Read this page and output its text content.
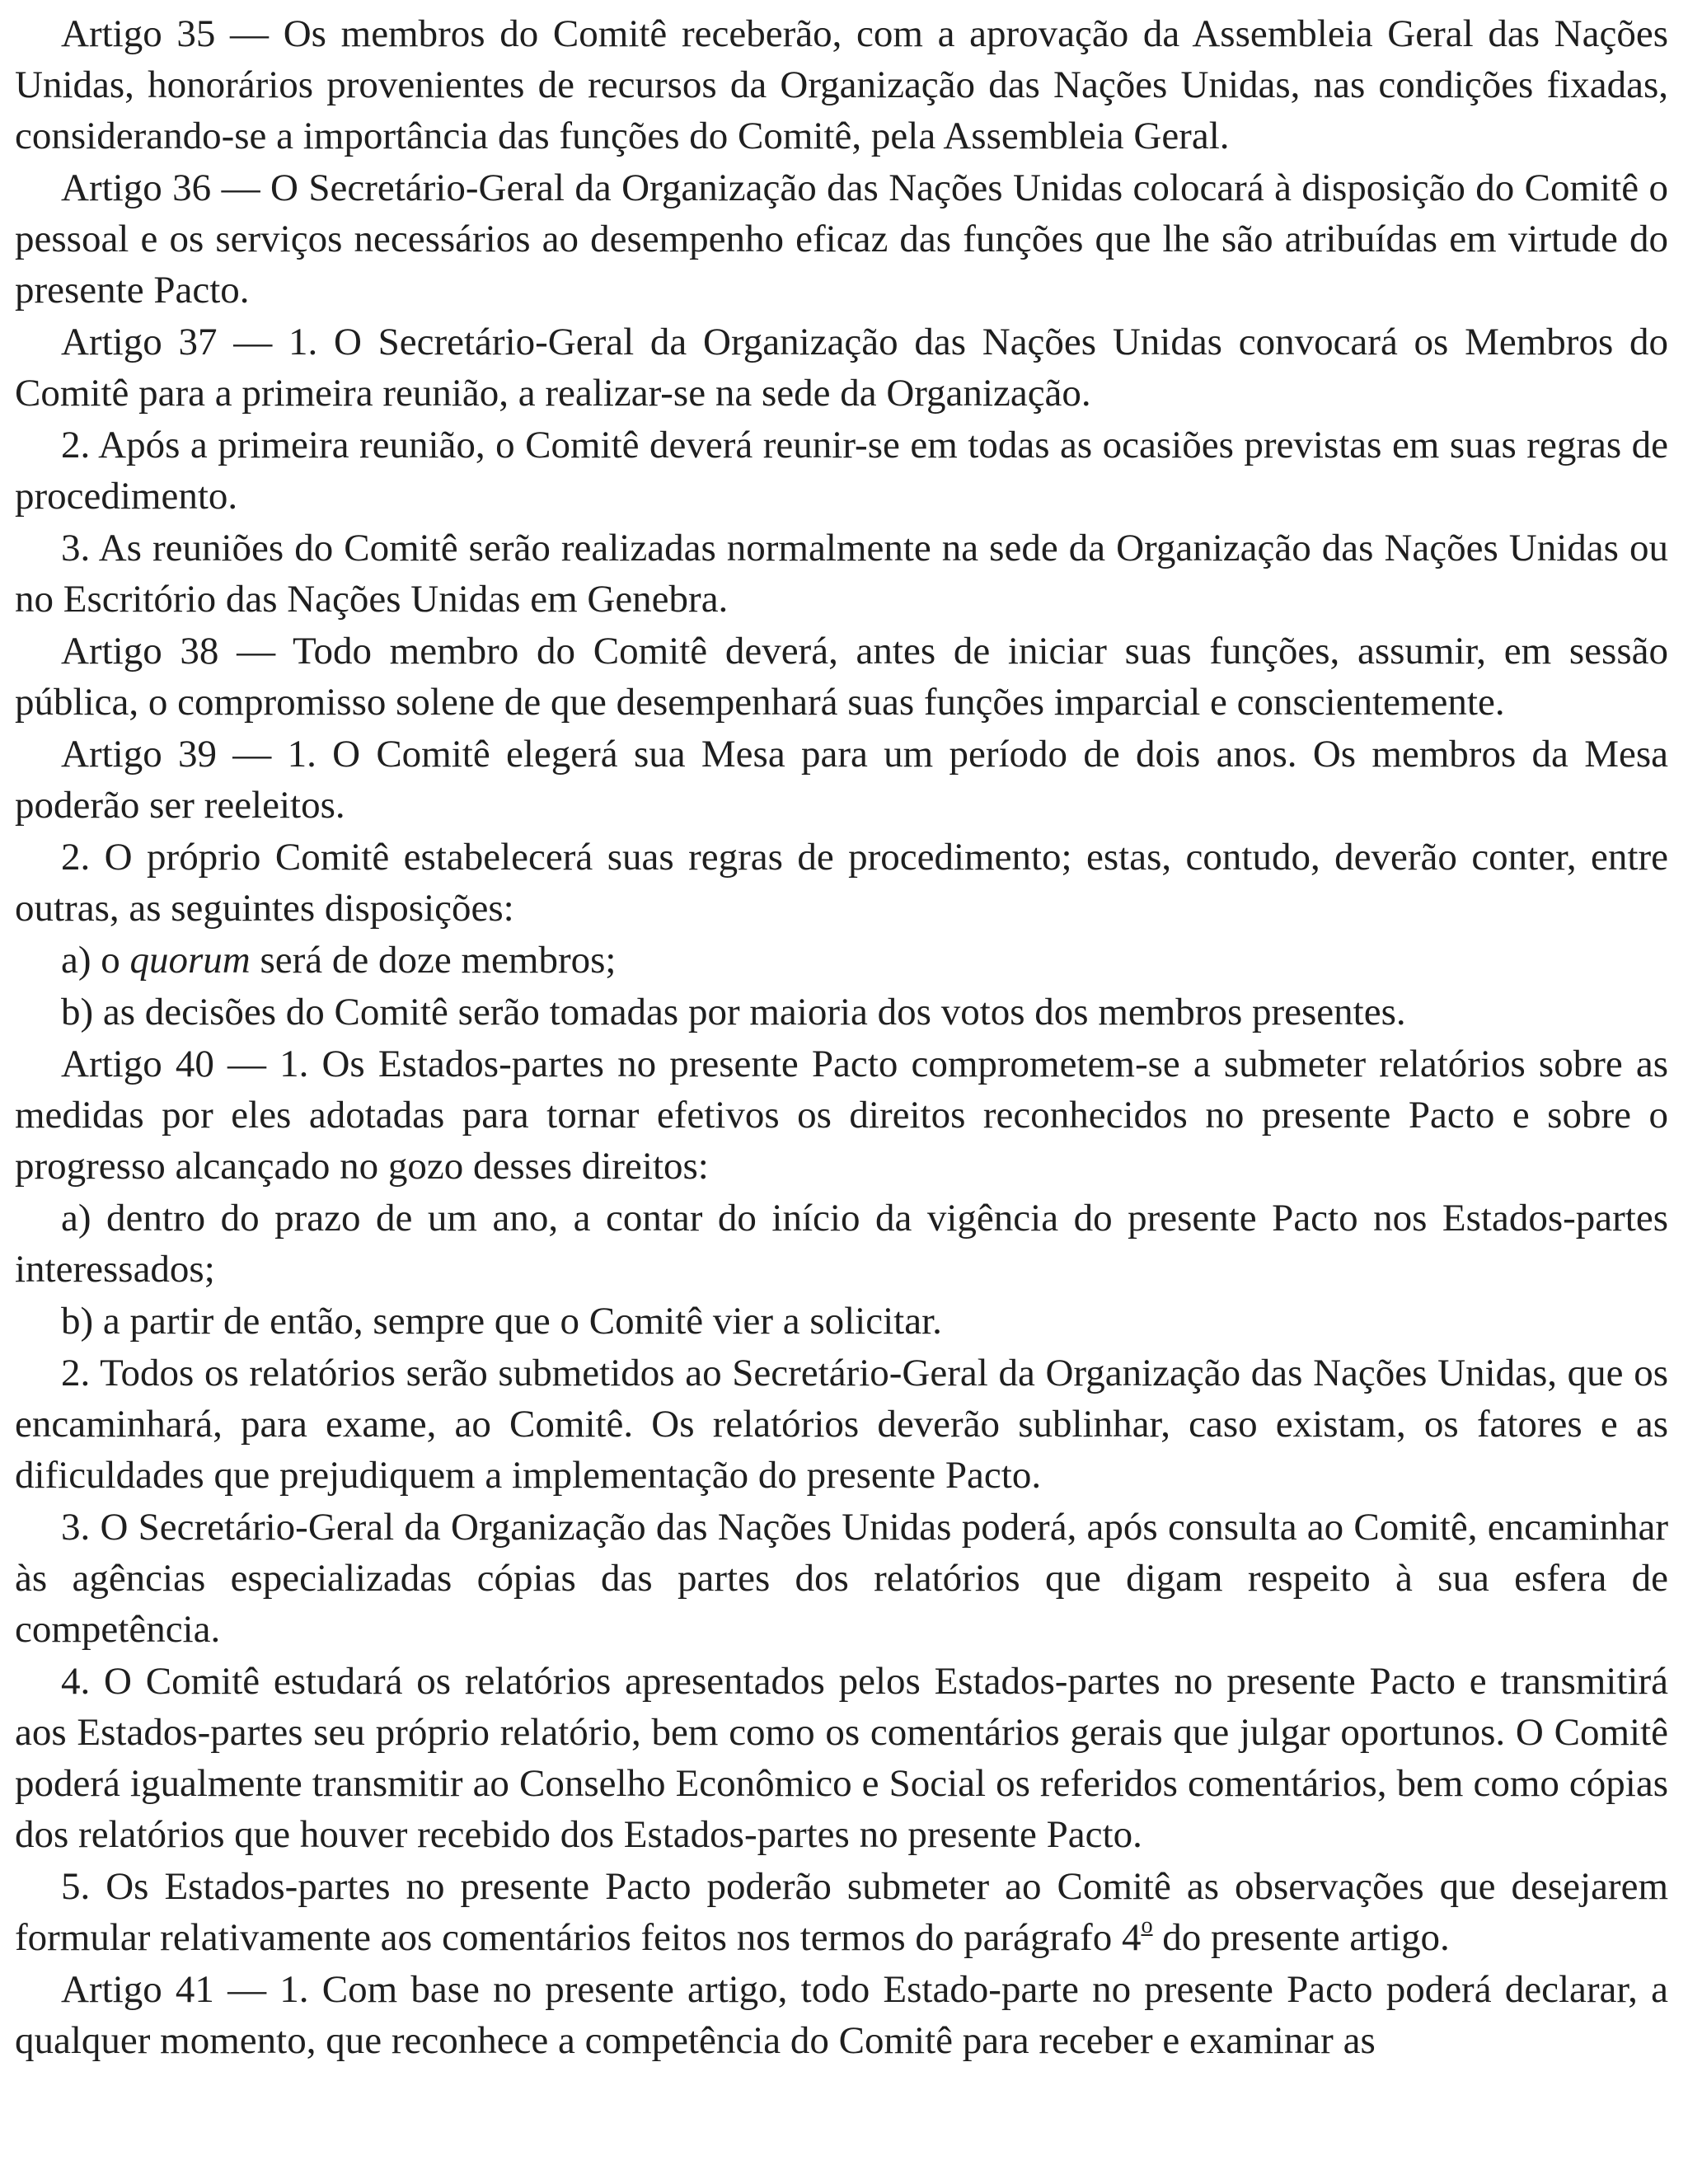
Artigo 35 — Os membros do Comitê receberão, com a aprovação da Assembleia Geral das Nações Unidas, honorários provenientes de recursos da Organização das Nações Unidas, nas condições fixadas, considerando-se a importância das funções do Comitê, pela Assembleia Geral.

Artigo 36 — O Secretário-Geral da Organização das Nações Unidas colocará à disposição do Comitê o pessoal e os serviços necessários ao desempenho eficaz das funções que lhe são atribuídas em virtude do presente Pacto.

Artigo 37 — 1. O Secretário-Geral da Organização das Nações Unidas convocará os Membros do Comitê para a primeira reunião, a realizar-se na sede da Organização.

2. Após a primeira reunião, o Comitê deverá reunir-se em todas as ocasiões previstas em suas regras de procedimento.

3. As reuniões do Comitê serão realizadas normalmente na sede da Organização das Nações Unidas ou no Escritório das Nações Unidas em Genebra.

Artigo 38 — Todo membro do Comitê deverá, antes de iniciar suas funções, assumir, em sessão pública, o compromisso solene de que desempenhará suas funções imparcial e conscientemente.

Artigo 39 — 1. O Comitê elegerá sua Mesa para um período de dois anos. Os membros da Mesa poderão ser reeleitos.

2. O próprio Comitê estabelecerá suas regras de procedimento; estas, contudo, deverão conter, entre outras, as seguintes disposições:

a) o quorum será de doze membros;

b) as decisões do Comitê serão tomadas por maioria dos votos dos membros presentes.

Artigo 40 — 1. Os Estados-partes no presente Pacto comprometem-se a submeter relatórios sobre as medidas por eles adotadas para tornar efetivos os direitos reconhecidos no presente Pacto e sobre o progresso alcançado no gozo desses direitos:

a) dentro do prazo de um ano, a contar do início da vigência do presente Pacto nos Estados-partes interessados;

b) a partir de então, sempre que o Comitê vier a solicitar.

2. Todos os relatórios serão submetidos ao Secretário-Geral da Organização das Nações Unidas, que os encaminhará, para exame, ao Comitê. Os relatórios deverão sublinhar, caso existam, os fatores e as dificuldades que prejudiquem a implementação do presente Pacto.

3. O Secretário-Geral da Organização das Nações Unidas poderá, após consulta ao Comitê, encaminhar às agências especializadas cópias das partes dos relatórios que digam respeito à sua esfera de competência.

4. O Comitê estudará os relatórios apresentados pelos Estados-partes no presente Pacto e transmitirá aos Estados-partes seu próprio relatório, bem como os comentários gerais que julgar oportunos. O Comitê poderá igualmente transmitir ao Conselho Econômico e Social os referidos comentários, bem como cópias dos relatórios que houver recebido dos Estados-partes no presente Pacto.

5. Os Estados-partes no presente Pacto poderão submeter ao Comitê as observações que desejarem formular relativamente aos comentários feitos nos termos do parágrafo 4$^o$ do presente artigo.

Artigo 41 — 1. Com base no presente artigo, todo Estado-parte no presente Pacto poderá declarar, a qualquer momento, que reconhece a competência do Comitê para receber e examinar as
